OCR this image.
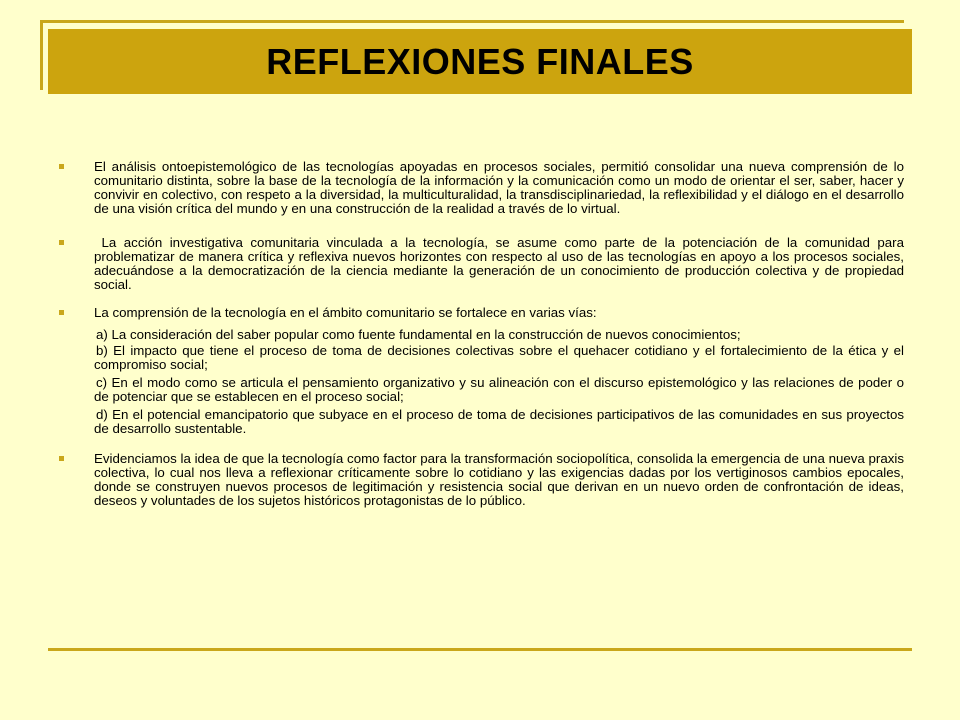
REFLEXIONES FINALES
El análisis ontoepistemológico de las tecnologías apoyadas en procesos sociales, permitió consolidar una nueva comprensión de lo comunitario distinta, sobre la base de la tecnología de la información y la comunicación como un modo de orientar el ser, saber, hacer y convivir en colectivo, con respeto a la diversidad, la multiculturalidad, la transdisciplinariedad, la reflexibilidad y el diálogo en el desarrollo de una visión crítica del mundo y en una construcción de la realidad a través de lo virtual.
La acción investigativa comunitaria vinculada a la tecnología, se asume como parte de la potenciación de la comunidad para problematizar de manera crítica y reflexiva nuevos horizontes con respecto al uso de las tecnologías en apoyo a los procesos sociales, adecuándose a la democratización de la ciencia mediante la generación de un conocimiento de producción colectiva y de propiedad social.
La comprensión de la tecnología en el ámbito comunitario se fortalece en varias vías:
a) La consideración del saber popular como fuente fundamental en la construcción de nuevos conocimientos;
b) El impacto que tiene el proceso de toma de decisiones colectivas sobre el quehacer cotidiano y el fortalecimiento de la ética y el compromiso social;
c) En el modo como se articula el pensamiento organizativo y su alineación con el discurso epistemológico y las relaciones de poder o de potenciar que se establecen en el proceso social;
d) En el potencial emancipatorio que subyace en el proceso de toma de decisiones participativos de las comunidades en sus proyectos de desarrollo sustentable.
Evidenciamos la idea de que la tecnología como factor para la transformación sociopolítica, consolida la emergencia de una nueva praxis colectiva, lo cual nos lleva a reflexionar críticamente sobre lo cotidiano y las exigencias dadas por los vertiginosos cambios epocales, donde se construyen nuevos procesos de legitimación y resistencia social que derivan en un nuevo orden de confrontación de ideas, deseos y voluntades de los sujetos históricos protagonistas de lo público.
